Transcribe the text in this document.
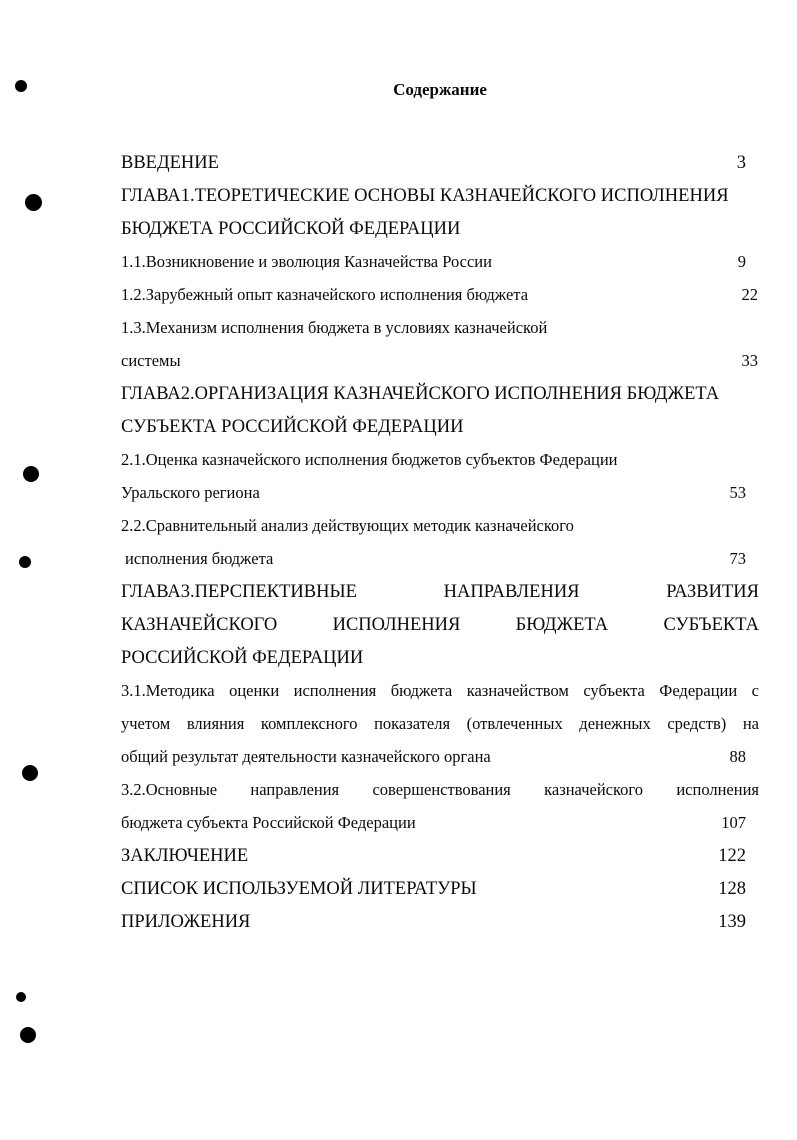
Содержание
ВВЕДЕНИЕ	3
ГЛАВА1.ТЕОРЕТИЧЕСКИЕ ОСНОВЫ КАЗНАЧЕЙСКОГО ИСПОЛНЕНИЯ
БЮДЖЕТА РОССИЙСКОЙ ФЕДЕРАЦИИ
1.1.Возникновение и эволюция Казначейства России	9
1.2.Зарубежный опыт казначейского исполнения бюджета	22
1.3.Механизм исполнения бюджета в условиях казначейской
системы	33
ГЛАВА2.ОРГАНИЗАЦИЯ КАЗНАЧЕЙСКОГО ИСПОЛНЕНИЯ БЮДЖЕТА
СУБЪЕКТА РОССИЙСКОЙ ФЕДЕРАЦИИ
2.1.Оценка казначейского исполнения бюджетов субъектов Федерации
Уральского региона	53
2.2.Сравнительный анализ действующих методик казначейского
исполнения бюджета	73
ГЛАВА3.ПЕРСПЕКТИВНЫЕ НАПРАВЛЕНИЯ РАЗВИТИЯ
КАЗНАЧЕЙСКОГО ИСПОЛНЕНИЯ БЮДЖЕТА СУБЪЕКТА
РОССИЙСКОЙ ФЕДЕРАЦИИ
3.1.Методика оценки исполнения бюджета казначейством субъекта Федерации с
учетом влияния комплексного показателя (отвлеченных денежных средств) на
общий результат деятельности казначейского органа	88
3.2.Основные направления совершенствования казначейского исполнения
бюджета субъекта Российской Федерации	107
ЗАКЛЮЧЕНИЕ	122
СПИСОК ИСПОЛЬЗУЕМОЙ ЛИТЕРАТУРЫ	128
ПРИЛОЖЕНИЯ	139
